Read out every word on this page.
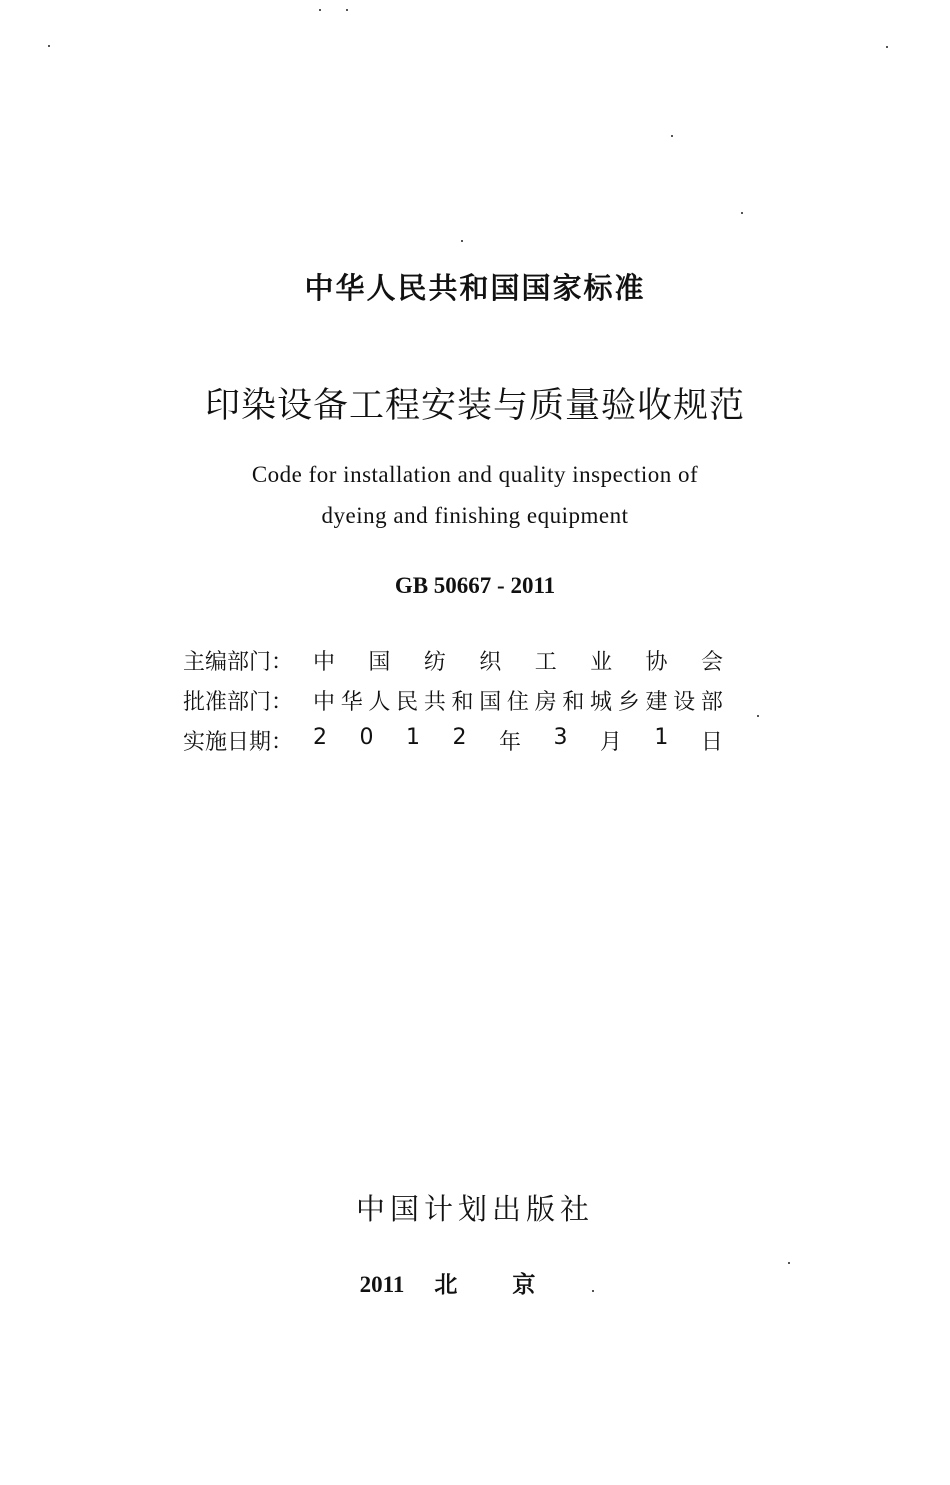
中华人民共和国国家标准
印染设备工程安装与质量验收规范
Code for installation and quality inspection of
dyeing and finishing equipment
GB 50667 - 2011
主编部门： 中 国 纺 织 工 业 协 会
批准部门： 中 华 人 民 共 和 国 住 房 和 城 乡 建 设 部
实施日期： 2 0 1 2 年 3 月 1 日
中国计划出版社
2011 北京
